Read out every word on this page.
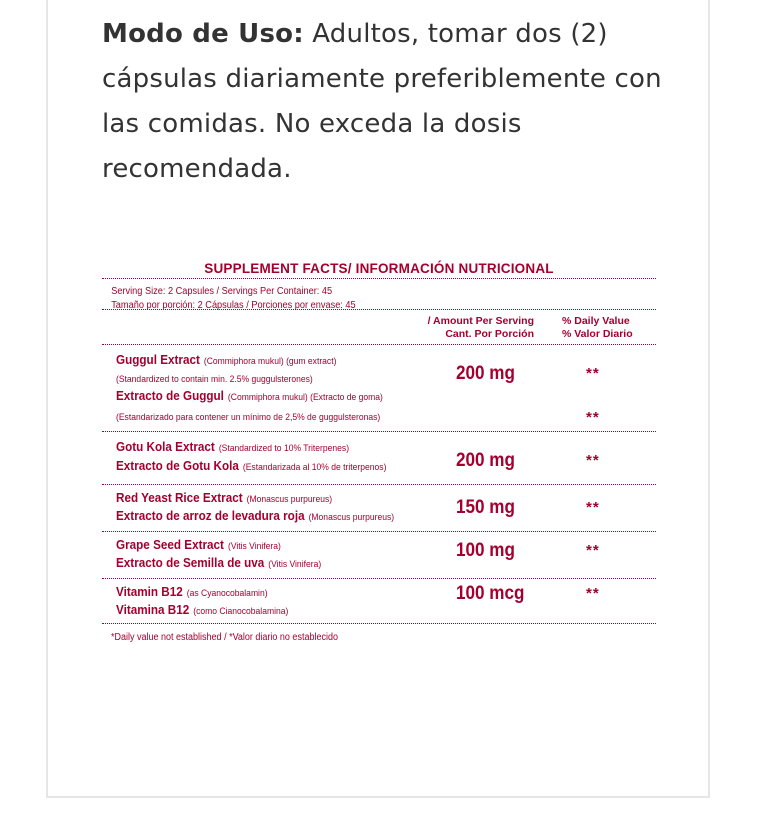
Modo de Uso: Adultos, tomar dos (2) cápsulas diariamente preferiblemente con las comidas. No exceda la dosis recomendada.
SUPPLEMENT FACTS/ INFORMACIÓN NUTRICIONAL
Serving Size: 2 Capsules / Servings Per Container: 45
Tamaño por porción: 2 Cápsulas / Porciones por envase: 45
/ Amount Per Serving
Cant. Por Porción
% Daily Value
% Valor Diario
Guggul Extract (Commiphora mukul) (gum extract)
(Standardized to contain min. 2.5% guggulsterones)
Extracto de Guggul (Commiphora mukul) (Extracto de goma)
(Estandarizado para contener un mínimo de 2,5% de guggulsteronas)
200 mg	**
**
Gotu Kola Extract (Standardized to 10% Triterpenes)
Extracto de Gotu Kola (Estandarizada al 10% de triterpenos)	200 mg	**
Red Yeast Rice Extract (Monascus purpureus)
Extracto de arroz de levadura roja (Monascus purpureus)	150 mg	**
Grape Seed Extract (Vitis Vinifera)
Extracto de Semilla de uva (Vitis Vinifera)
100 mg	**
Vitamin B12 (as Cyanocobalamin)
Vitamina B12 (como Cianocobalamina)
100 mcg	**
*Daily value not established / *Valor diario no establecido
